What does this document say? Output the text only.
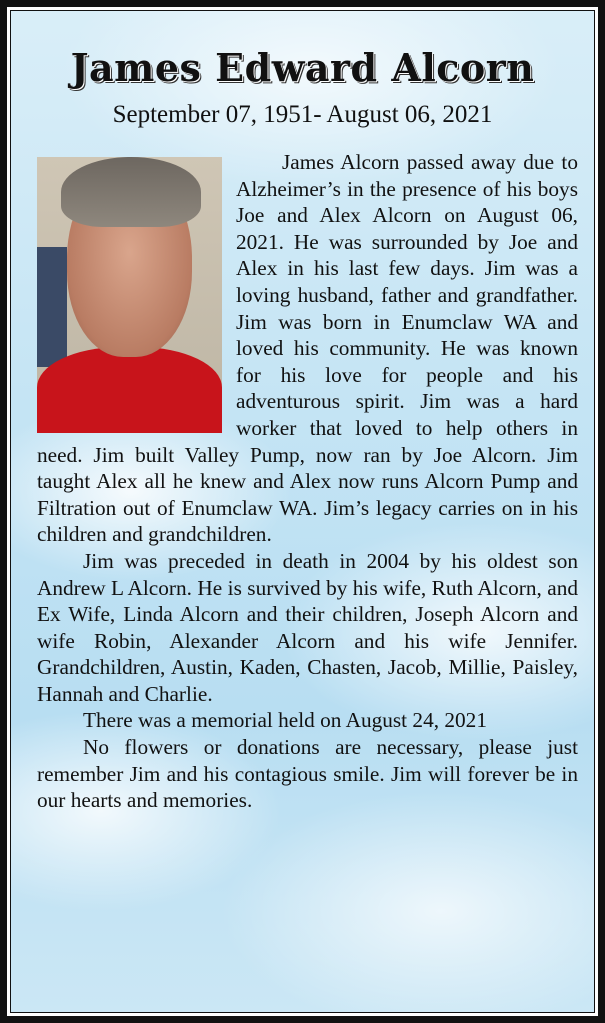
James Edward Alcorn
September 07, 1951- August 06, 2021

James Alcorn passed away due to Alzheimer’s in the presence of his boys Joe and Alex Alcorn on August 06, 2021. He was surrounded by Joe and Alex in his last few days. Jim was a loving husband, father and grandfather. Jim was born in Enumclaw WA and loved his community. He was known for his love for people and his adventurous spirit. Jim was a hard worker that loved to help others in need. Jim built Valley Pump, now ran by Joe Alcorn. Jim taught Alex all he knew and Alex now runs Alcorn Pump and Filtration out of Enumclaw WA. Jim’s legacy carries on in his children and grandchildren.

Jim was preceded in death in 2004 by his oldest son Andrew L Alcorn. He is survived by his wife, Ruth Alcorn, and Ex Wife, Linda Alcorn and their children, Joseph Alcorn and wife Robin, Alexander Alcorn and his wife Jennifer. Grandchildren, Austin, Kaden, Chasten, Jacob, Millie, Paisley, Hannah and Charlie.

There was a memorial held on August 24, 2021

No flowers or donations are necessary, please just remember Jim and his contagious smile. Jim will forever be in our hearts and memories.
